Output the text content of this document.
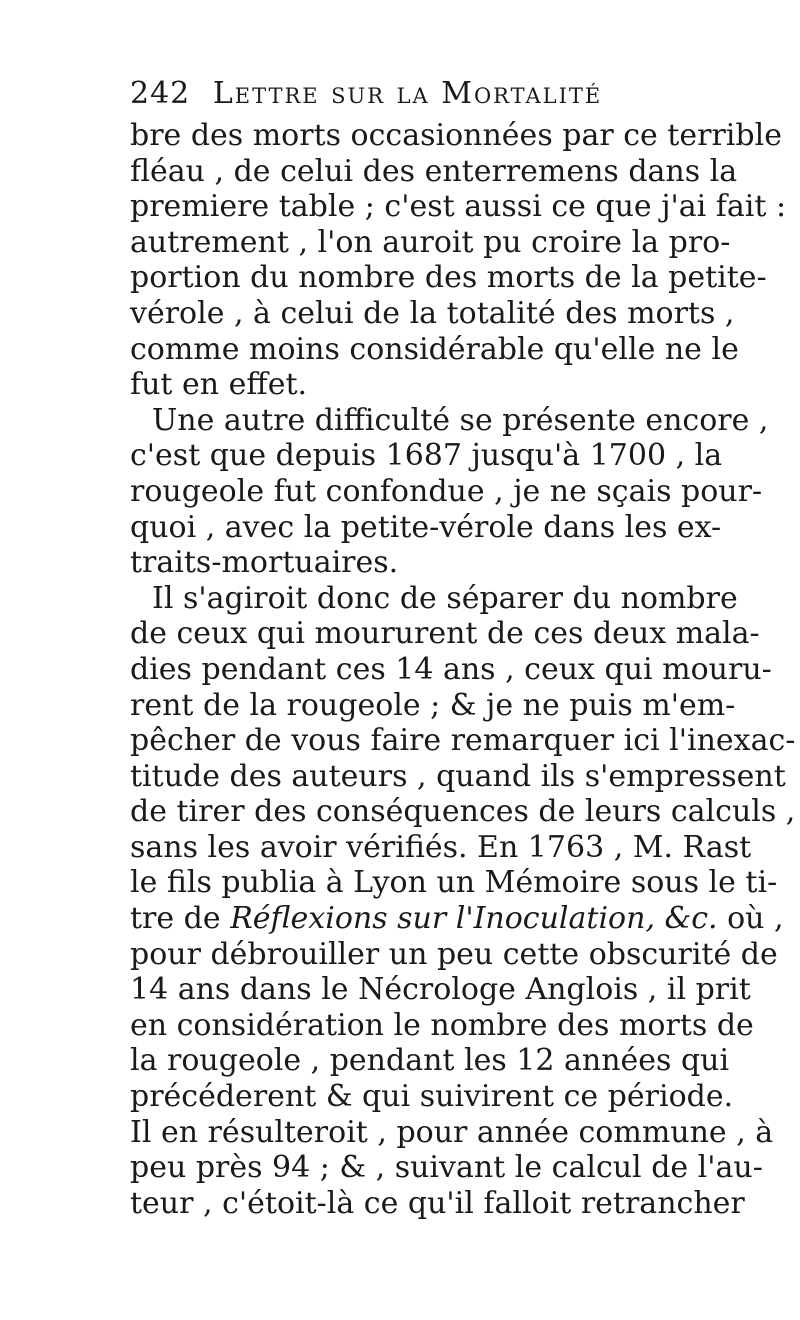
242 Lettre sur la Mortalité
bre des morts occasionnées par ce terrible
fléau , de celui des enterremens dans la
premiere table ; c'est aussi ce que j'ai fait :
autrement , l'on auroit pu croire la pro-
portion du nombre des morts de la petite-
vérole , à celui de la totalité des morts ,
comme moins considérable qu'elle ne le
fut en effet.
Une autre difficulté se présente encore ,
c'est que depuis 1687 jusqu'à 1700 , la
rougeole fut confondue , je ne sçais pour-
quoi , avec la petite-vérole dans les ex-
traits-mortuaires.
Il s'agiroit donc de séparer du nombre
de ceux qui moururent de ces deux mala-
dies pendant ces 14 ans , ceux qui mouru-
rent de la rougeole ; & je ne puis m'em-
pêcher de vous faire remarquer ici l'inexac-
titude des auteurs , quand ils s'empressent
de tirer des conséquences de leurs calculs ,
sans les avoir vérifiés. En 1763 , M. Rast
le fils publia à Lyon un Mémoire sous le ti-
tre de Réflexions sur l'Inoculation, &c. où ,
pour débrouiller un peu cette obscurité de
14 ans dans le Nécrologe Anglois , il prit
en considération le nombre des morts de
la rougeole , pendant les 12 années qui
précéderent & qui suivirent ce période.
Il en résulteroit , pour année commune , à
peu près 94 ; & , suivant le calcul de l'au-
teur , c'étoit-là ce qu'il falloit retrancher
